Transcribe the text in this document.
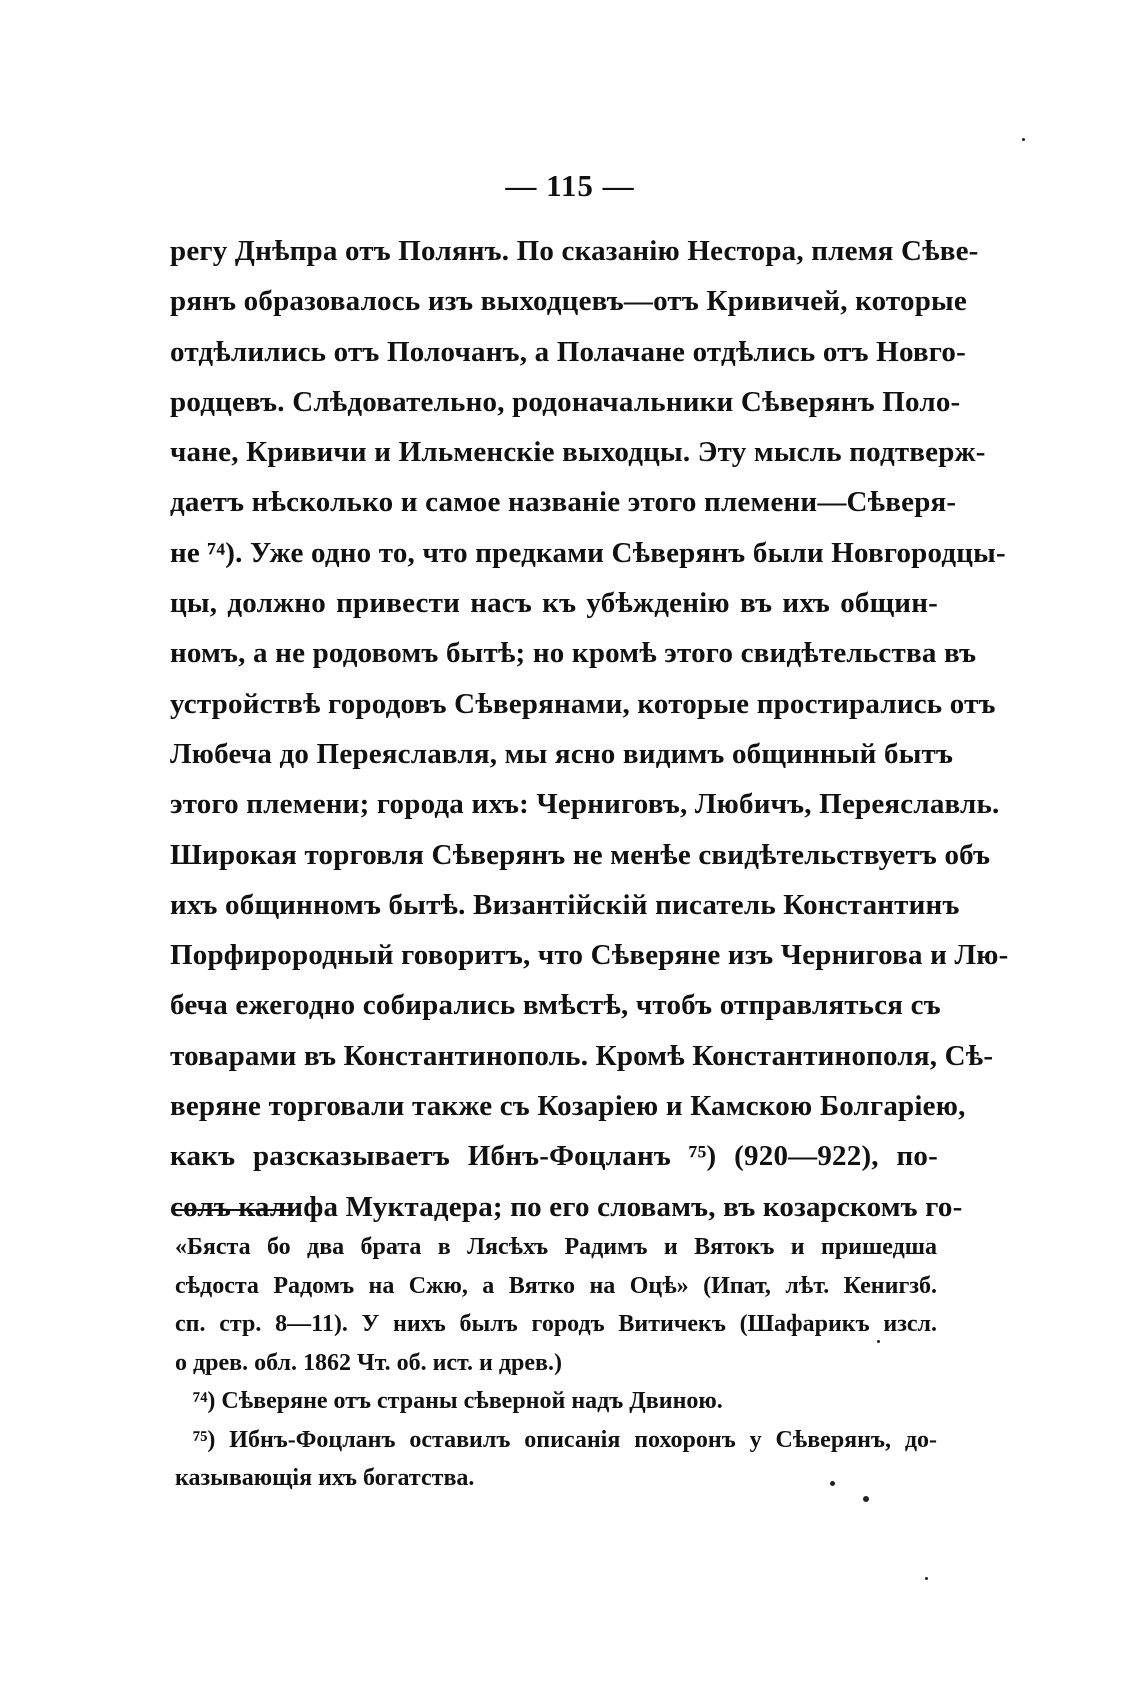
— 115 —
регу Днѣпра отъ Полянъ. По сказанію Нестора, племя Сѣве-
рянъ образовалось изъ выходцевъ—отъ Кривичей, которые
отдѣлились отъ Полочанъ, а Полачане отдѣлись отъ Новго-
родцевъ. Слѣдовательно, родоначальники Сѣверянъ Поло-
чане, Кривичи и Ильменскіе выходцы. Эту мысль подтверж-
даетъ нѣсколько и самое названіе этого племени—Сѣверя-
не ⁷⁴). Уже одно то, что предками Сѣверянъ были Новгородцы-
цы, должно привести насъ къ убѣжденію въ ихъ общин-
номъ, а не родовомъ бытѣ; но кромѣ этого свидѣтельства въ
устройствѣ городовъ Сѣверянами, которые простирались отъ
Любеча до Переяславля, мы ясно видимъ общинный бытъ
этого племени; города ихъ: Черниговъ, Любичъ, Переяславль.
Широкая торговля Сѣверянъ не менѣе свидѣтельствуетъ объ
ихъ общинномъ бытѣ. Византійскій писатель Константинъ
Порфирородный говоритъ, что Сѣверяне изъ Чернигова и Лю-
беча ежегодно собирались вмѣстѣ, чтобъ отправляться съ
товарами въ Константинополь. Кромѣ Константинополя, Сѣ-
веряне торговали также съ Козаріею и Камскою Болгаріею,
какъ разсказываетъ Ибнъ-Фоцланъ ⁷⁵) (920—922), по-
солъ калифа Муктадера; по его словамъ, въ козарскомъ го-
«Бяста бо два брата в Лясѣхъ Радимъ и Вятокъ и пришедша
сѣдоста Радомъ на Сжю, а Вятко на Оцѣ» (Ипат, лѣт. Кенигзб.
сп. стр. 8—11). У нихъ былъ городъ Витичекъ (Шафарикъ изсл.
о древ. обл. 1862 Чт. об. ист. и древ.)
⁷⁴) Сѣверяне отъ страны сѣверной надъ Двиною.
⁷⁵) Ибнъ-Фоцланъ оставилъ описанія похоронъ у Сѣверянъ, до-
казывающія ихъ богатства.
